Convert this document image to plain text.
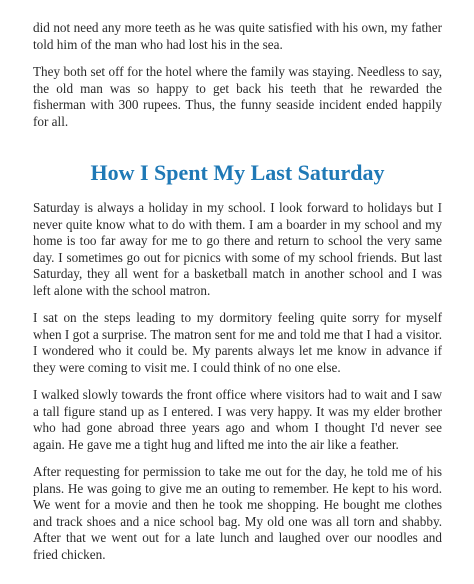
did not need any more teeth as he was quite satisfied with his own, my father told him of the man who had lost his in the sea.

They both set off for the hotel where the family was staying. Needless to say, the old man was so happy to get back his teeth that he rewarded the fisherman with 300 rupees. Thus, the funny seaside incident ended happily for all.

How I Spent My Last Saturday

Saturday is always a holiday in my school. I look forward to holidays but I never quite know what to do with them. I am a boarder in my school and my home is too far away for me to go there and return to school the very same day. I sometimes go out for picnics with some of my school friends. But last Saturday, they all went for a basketball match in another school and I was left alone with the school matron.

I sat on the steps leading to my dormitory feeling quite sorry for myself when I got a surprise. The matron sent for me and told me that I had a visitor. I wondered who it could be. My parents always let me know in advance if they were coming to visit me. I could think of no one else.

I walked slowly towards the front office where visitors had to wait and I saw a tall figure stand up as I entered. I was very happy. It was my elder brother who had gone abroad three years ago and whom I thought I'd never see again. He gave me a tight hug and lifted me into the air like a feather.

After requesting for permission to take me out for the day, he told me of his plans. He was going to give me an outing to remember. He kept to his word. We went for a movie and then he took me shopping. He bought me clothes and track shoes and a nice school bag. My old one was all torn and shabby. After that we went out for a late lunch and laughed over our noodles and fried chicken.
